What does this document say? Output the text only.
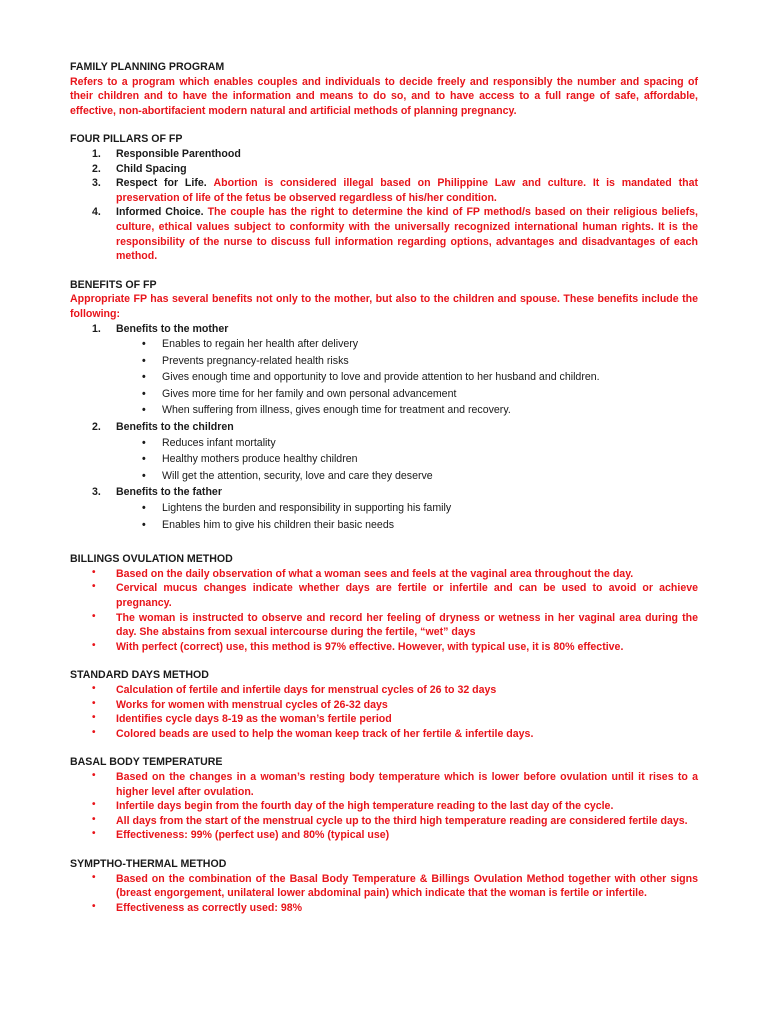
FAMILY PLANNING PROGRAM

Refers to a program which enables couples and individuals to decide freely and responsibly the number and spacing of their children and to have the information and means to do so, and to have access to a full range of safe, affordable, effective, non-abortifacient modern natural and artificial methods of planning pregnancy.

FOUR PILLARS OF FP

1. Responsible Parenthood
2. Child Spacing
3. Respect for Life. Abortion is considered illegal based on Philippine Law and culture. It is mandated that preservation of life of the fetus be observed regardless of his/her condition.
4. Informed Choice. The couple has the right to determine the kind of FP method/s based on their religious beliefs, culture, ethical values subject to conformity with the universally recognized international human rights. It is the responsibility of the nurse to discuss full information regarding options, advantages and disadvantages of each method.

BENEFITS OF FP

Appropriate FP has several benefits not only to the mother, but also to the children and spouse. These benefits include the following:

1. Benefits to the mother
• Enables to regain her health after delivery
• Prevents pregnancy-related health risks
• Gives enough time and opportunity to love and provide attention to her husband and children.
• Gives more time for her family and own personal advancement
• When suffering from illness, gives enough time for treatment and recovery.
2. Benefits to the children
• Reduces infant mortality
• Healthy mothers produce healthy children
• Will get the attention, security, love and care they deserve
3. Benefits to the father
• Lightens the burden and responsibility in supporting his family
• Enables him to give his children their basic needs

BILLINGS OVULATION METHOD

• Based on the daily observation of what a woman sees and feels at the vaginal area throughout the day.
• Cervical mucus changes indicate whether days are fertile or infertile and can be used to avoid or achieve pregnancy.
• The woman is instructed to observe and record her feeling of dryness or wetness in her vaginal area during the day. She abstains from sexual intercourse during the fertile, “wet” days
• With perfect (correct) use, this method is 97% effective. However, with typical use, it is 80% effective.

STANDARD DAYS METHOD

• Calculation of fertile and infertile days for menstrual cycles of 26 to 32 days
• Works for women with menstrual cycles of 26-32 days
• Identifies cycle days 8-19 as the woman’s fertile period
• Colored beads are used to help the woman keep track of her fertile & infertile days.

BASAL BODY TEMPERATURE

• Based on the changes in a woman’s resting body temperature which is lower before ovulation until it rises to a higher level after ovulation.
• Infertile days begin from the fourth day of the high temperature reading to the last day of the cycle.
• All days from the start of the menstrual cycle up to the third high temperature reading are considered fertile days.
• Effectiveness: 99% (perfect use) and 80% (typical use)

SYMPTHO-THERMAL METHOD

• Based on the combination of the Basal Body Temperature & Billings Ovulation Method together with other signs (breast engorgement, unilateral lower abdominal pain) which indicate that the woman is fertile or infertile.
• Effectiveness as correctly used: 98%
